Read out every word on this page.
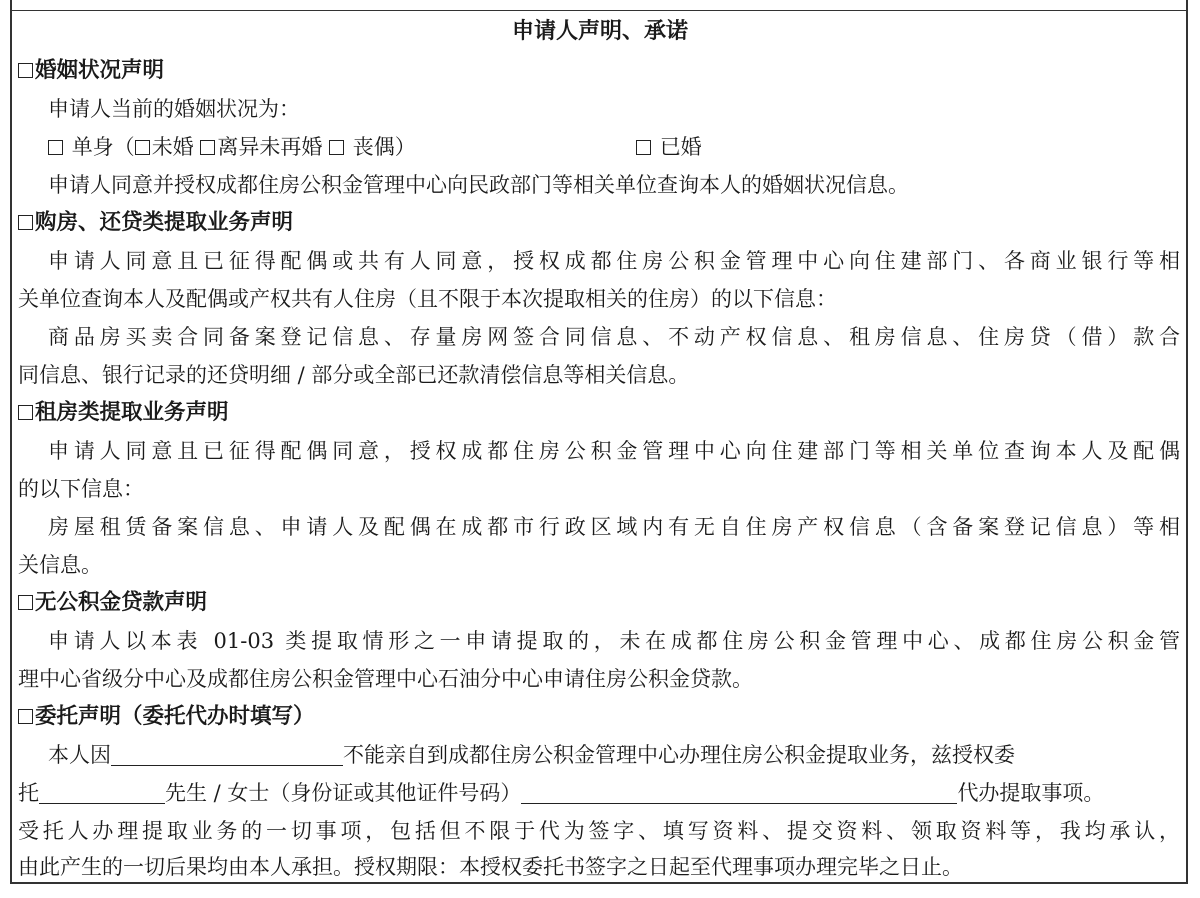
申请人声明、承诺
婚姻状况声明
申请人当前的婚姻状况为：
单身（ 未婚 离异未再婚 丧偶）	已婚
申请人同意并授权成都住房公积金管理中心向民政部门等相关单位查询本人的婚姻状况信息。
购房、还贷类提取业务声明
申请人同意且已征得配偶或共有人同意，授权成都住房公积金管理中心向住建部门、各商业银行等相
关单位查询本人及配偶或产权共有人住房（且不限于本次提取相关的住房）的以下信息：
商品房买卖合同备案登记信息、存量房网签合同信息、不动产权信息、租房信息、住房贷（借）款合
同信息、银行记录的还贷明细 / 部分或全部已还款清偿信息等相关信息。
租房类提取业务声明
申请人同意且已征得配偶同意，授权成都住房公积金管理中心向住建部门等相关单位查询本人及配偶
的以下信息：
房屋租赁备案信息、申请人及配偶在成都市行政区域内有无自住房产权信息（含备案登记信息）等相
关信息。
无公积金贷款声明
申请人以本表 01-03 类提取情形之一申请提取的，未在成都住房公积金管理中心、成都住房公积金管
理中心省级分中心及成都住房公积金管理中心石油分中心申请住房公积金贷款。
委托声明（委托代办时填写）
本人因	不能亲自到成都住房公积金管理中心办理住房公积金提取业务，兹授权委
托	先生 / 女士（身份证或其他证件号码）	代办提取事项。
受托人办理提取业务的一切事项，包括但不限于代为签字、填写资料、提交资料、领取资料等，我均承认，
由此产生的一切后果均由本人承担。授权期限：本授权委托书签字之日起至代理事项办理完毕之日止。
